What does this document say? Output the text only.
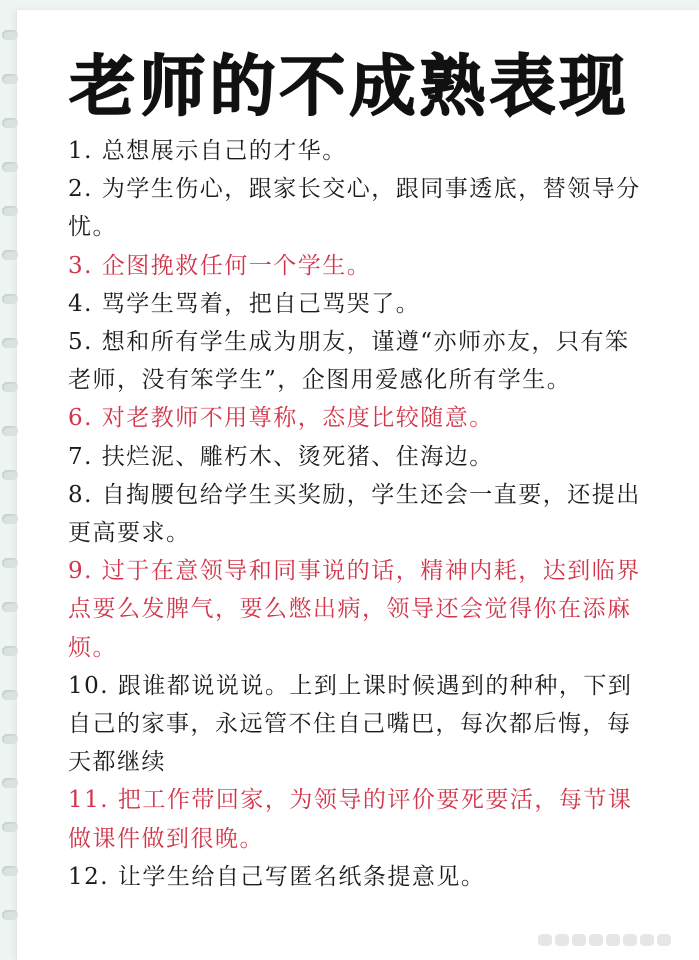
老师的不成熟表现
1. 总想展示自己的才华。
2. 为学生伤心，跟家长交心，跟同事透底，替领导分忧。
3. 企图挽救任何一个学生。
4. 骂学生骂着，把自己骂哭了。
5. 想和所有学生成为朋友，谨遵“亦师亦友，只有笨老师，没有笨学生”，企图用爱感化所有学生。
6. 对老教师不用尊称，态度比较随意。
7. 扶烂泥、雕朽木、烫死猪、住海边。
8. 自掏腰包给学生买奖励，学生还会一直要，还提出更高要求。
9. 过于在意领导和同事说的话，精神内耗，达到临界点要么发脾气，要么憋出病，领导还会觉得你在添麻烦。
10. 跟谁都说说说。上到上课时候遇到的种种，下到自己的家事，永远管不住自己嘴巴，每次都后悔，每天都继续
11. 把工作带回家，为领导的评价要死要活，每节课做课件做到很晚。
12. 让学生给自己写匿名纸条提意见。
